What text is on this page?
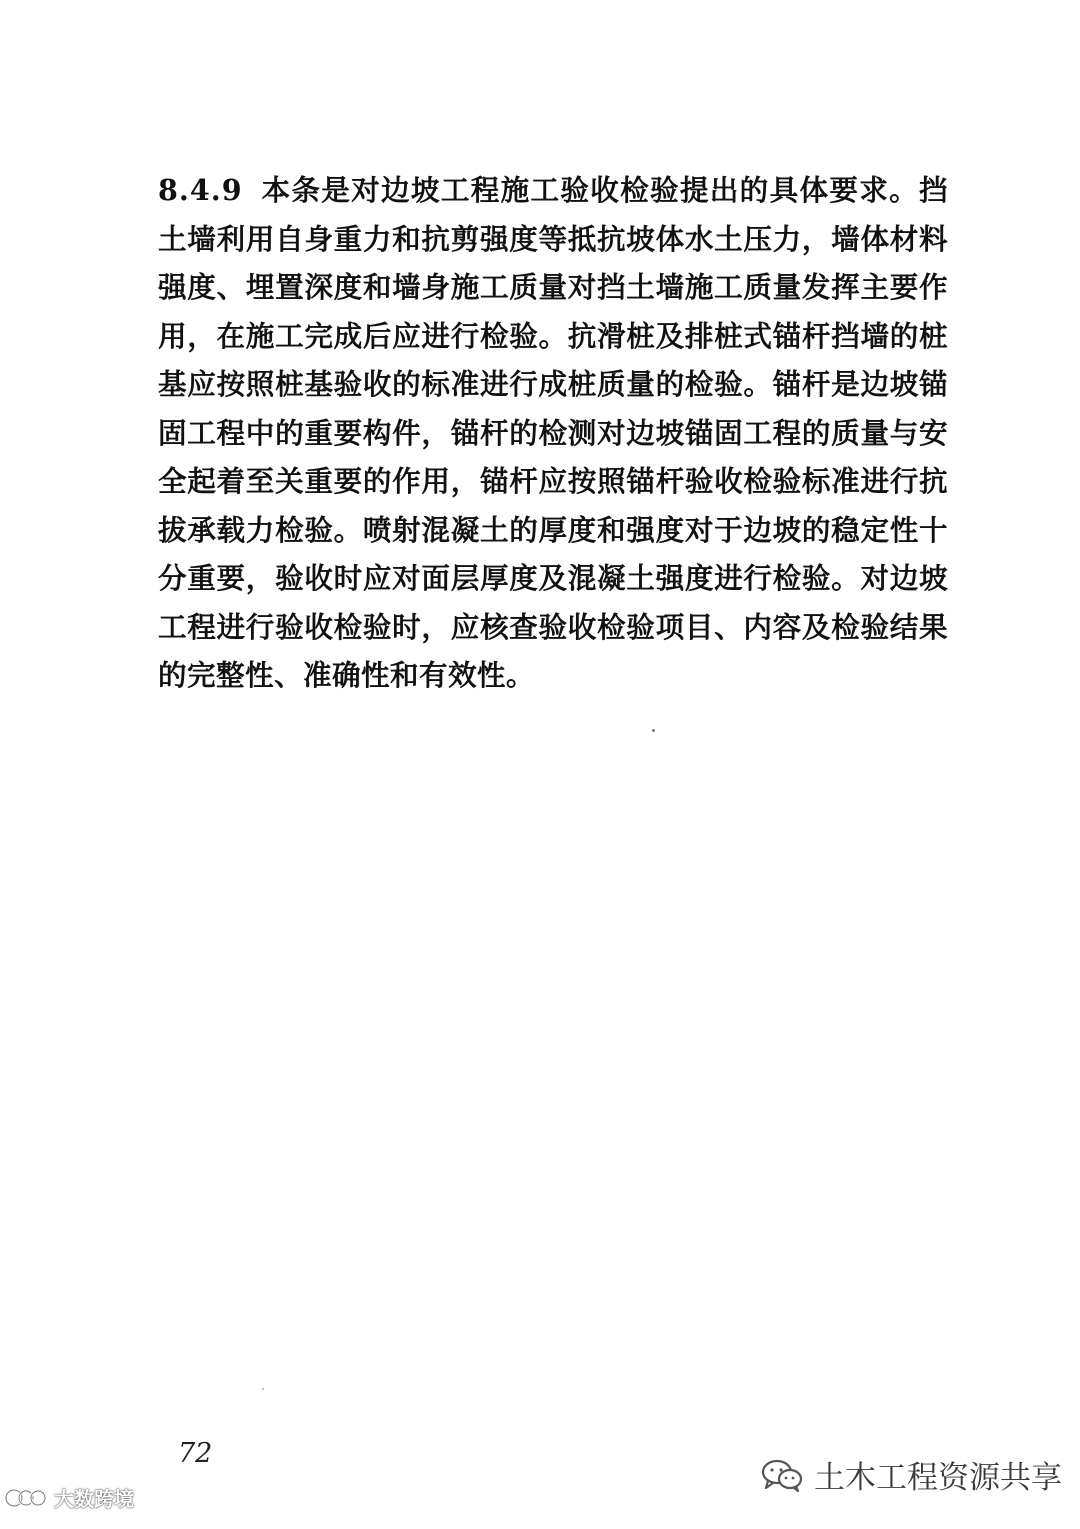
8.4.9 本条是对边坡工程施工验收检验提出的具体要求。挡土墙利用自身重力和抗剪强度等抵抗坡体水土压力，墙体材料强度、埋置深度和墙身施工质量对挡土墙施工质量发挥主要作用，在施工完成后应进行检验。抗滑桩及排桩式锚杆挡墙的桩基应按照桩基验收的标准进行成桩质量的检验。锚杆是边坡锚固工程中的重要构件，锚杆的检测对边坡锚固工程的质量与安全起着至关重要的作用，锚杆应按照锚杆验收检验标准进行抗拔承载力检验。喷射混凝土的厚度和强度对于边坡的稳定性十分重要，验收时应对面层厚度及混凝土强度进行检验。对边坡工程进行验收检验时，应核查验收检验项目、内容及检验结果的完整性、准确性和有效性。

72

大数跨境
土木工程资源共享
